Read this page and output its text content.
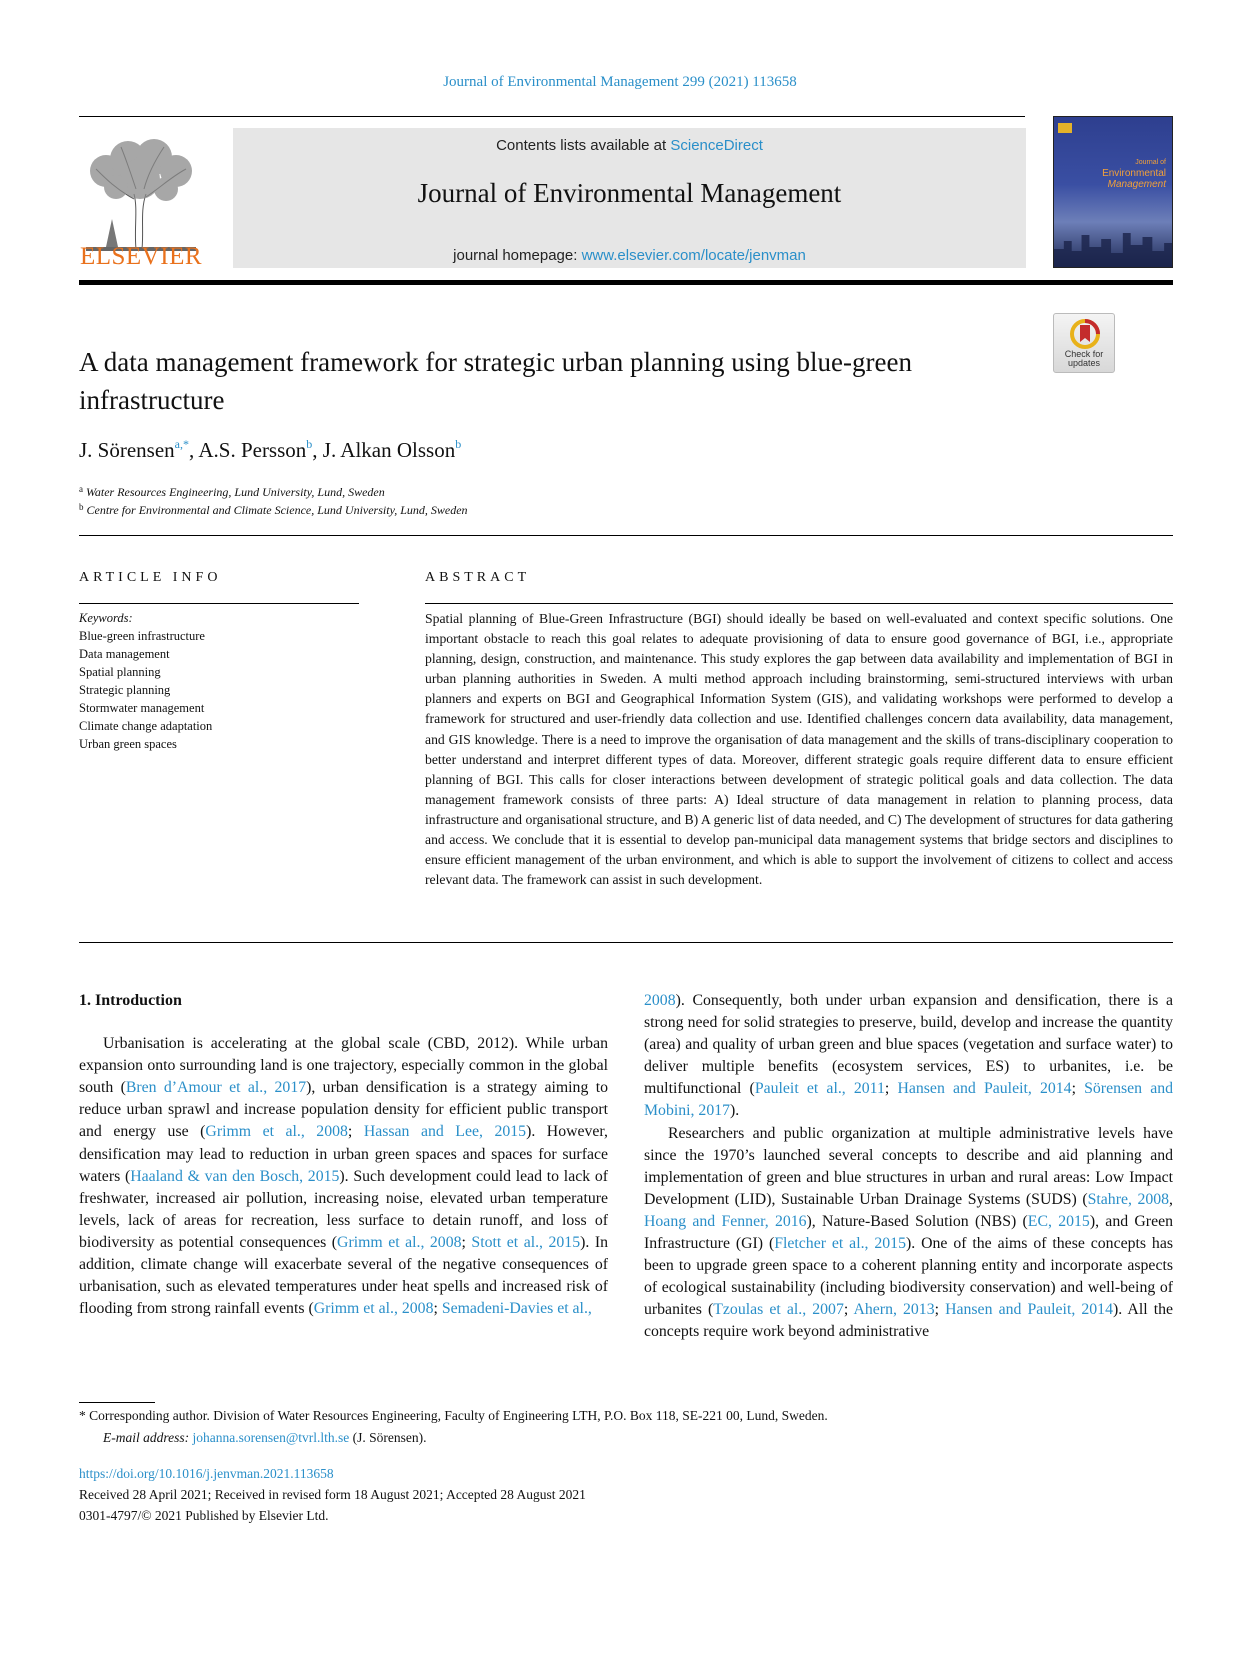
Journal of Environmental Management 299 (2021) 113658
ELSEVIER
Contents lists available at ScienceDirect
Journal of Environmental Management
journal homepage: www.elsevier.com/locate/jenvman
Journal of
Environmental
Management
Check for
updates
A data management framework for strategic urban planning using blue-green infrastructure
J. Sörensen$^{a,*}$, A.S. Persson$^b$, J. Alkan Olsson$^b$
$^a$ Water Resources Engineering, Lund University, Lund, Sweden
$^b$ Centre for Environmental and Climate Science, Lund University, Lund, Sweden
ARTICLE INFO	ABSTRACT
Keywords:
Blue-green infrastructure
Data management
Spatial planning
Strategic planning
Stormwater management
Climate change adaptation
Urban green spaces

Spatial planning of Blue-Green Infrastructure (BGI) should ideally be based on well-evaluated and context specific solutions. One important obstacle to reach this goal relates to adequate provisioning of data to ensure good governance of BGI, i.e., appropriate planning, design, construction, and maintenance. This study explores the gap between data availability and implementation of BGI in urban planning authorities in Sweden. A multi method approach including brainstorming, semi-structured interviews with urban planners and experts on BGI and Geographical Information System (GIS), and validating workshops were performed to develop a framework for structured and user-friendly data collection and use. Identified challenges concern data availability, data management, and GIS knowledge. There is a need to improve the organisation of data management and the skills of trans-disciplinary cooperation to better understand and interpret different types of data. Moreover, different strategic goals require different data to ensure efficient planning of BGI. This calls for closer interactions between development of strategic political goals and data collection. The data management framework consists of three parts: A) Ideal structure of data management in relation to planning process, data infrastructure and organisational structure, and B) A generic list of data needed, and C) The development of structures for data gathering and access. We conclude that it is essential to develop pan-municipal data management systems that bridge sectors and disciplines to ensure efficient management of the urban environment, and which is able to support the involvement of citizens to collect and access relevant data. The framework can assist in such development.

1. Introduction

Urbanisation is accelerating at the global scale (CBD, 2012). While urban expansion onto surrounding land is one trajectory, especially common in the global south (Bren d’Amour et al., 2017), urban densification is a strategy aiming to reduce urban sprawl and increase population density for efficient public transport and energy use (Grimm et al., 2008; Hassan and Lee, 2015). However, densification may lead to reduction in urban green spaces and spaces for surface waters (Haaland & van den Bosch, 2015). Such development could lead to lack of freshwater, increased air pollution, increasing noise, elevated urban temperature levels, lack of areas for recreation, less surface to detain runoff, and loss of biodiversity as potential consequences (Grimm et al., 2008; Stott et al., 2015). In addition, climate change will exacerbate several of the negative consequences of urbanisation, such as elevated temperatures under heat spells and increased risk of flooding from strong rainfall events (Grimm et al., 2008; Semadeni-Davies et al.,

2008). Consequently, both under urban expansion and densification, there is a strong need for solid strategies to preserve, build, develop and increase the quantity (area) and quality of urban green and blue spaces (vegetation and surface water) to deliver multiple benefits (ecosystem services, ES) to urbanites, i.e. be multifunctional (Pauleit et al., 2011; Hansen and Pauleit, 2014; Sörensen and Mobini, 2017).

Researchers and public organization at multiple administrative levels have since the 1970’s launched several concepts to describe and aid planning and implementation of green and blue structures in urban and rural areas: Low Impact Development (LID), Sustainable Urban Drainage Systems (SUDS) (Stahre, 2008, Hoang and Fenner, 2016), Nature-Based Solution (NBS) (EC, 2015), and Green Infrastructure (GI) (Fletcher et al., 2015). One of the aims of these concepts has been to upgrade green space to a coherent planning entity and incorporate aspects of ecological sustainability (including biodiversity conservation) and well-being of urbanites (Tzoulas et al., 2007; Ahern, 2013; Hansen and Pauleit, 2014). All the concepts require work beyond administrative

* Corresponding author. Division of Water Resources Engineering, Faculty of Engineering LTH, P.O. Box 118, SE-221 00, Lund, Sweden.
E-mail address: johanna.sorensen@tvrl.lth.se (J. Sörensen).
https://doi.org/10.1016/j.jenvman.2021.113658
Received 28 April 2021; Received in revised form 18 August 2021; Accepted 28 August 2021
0301-4797/© 2021 Published by Elsevier Ltd.
